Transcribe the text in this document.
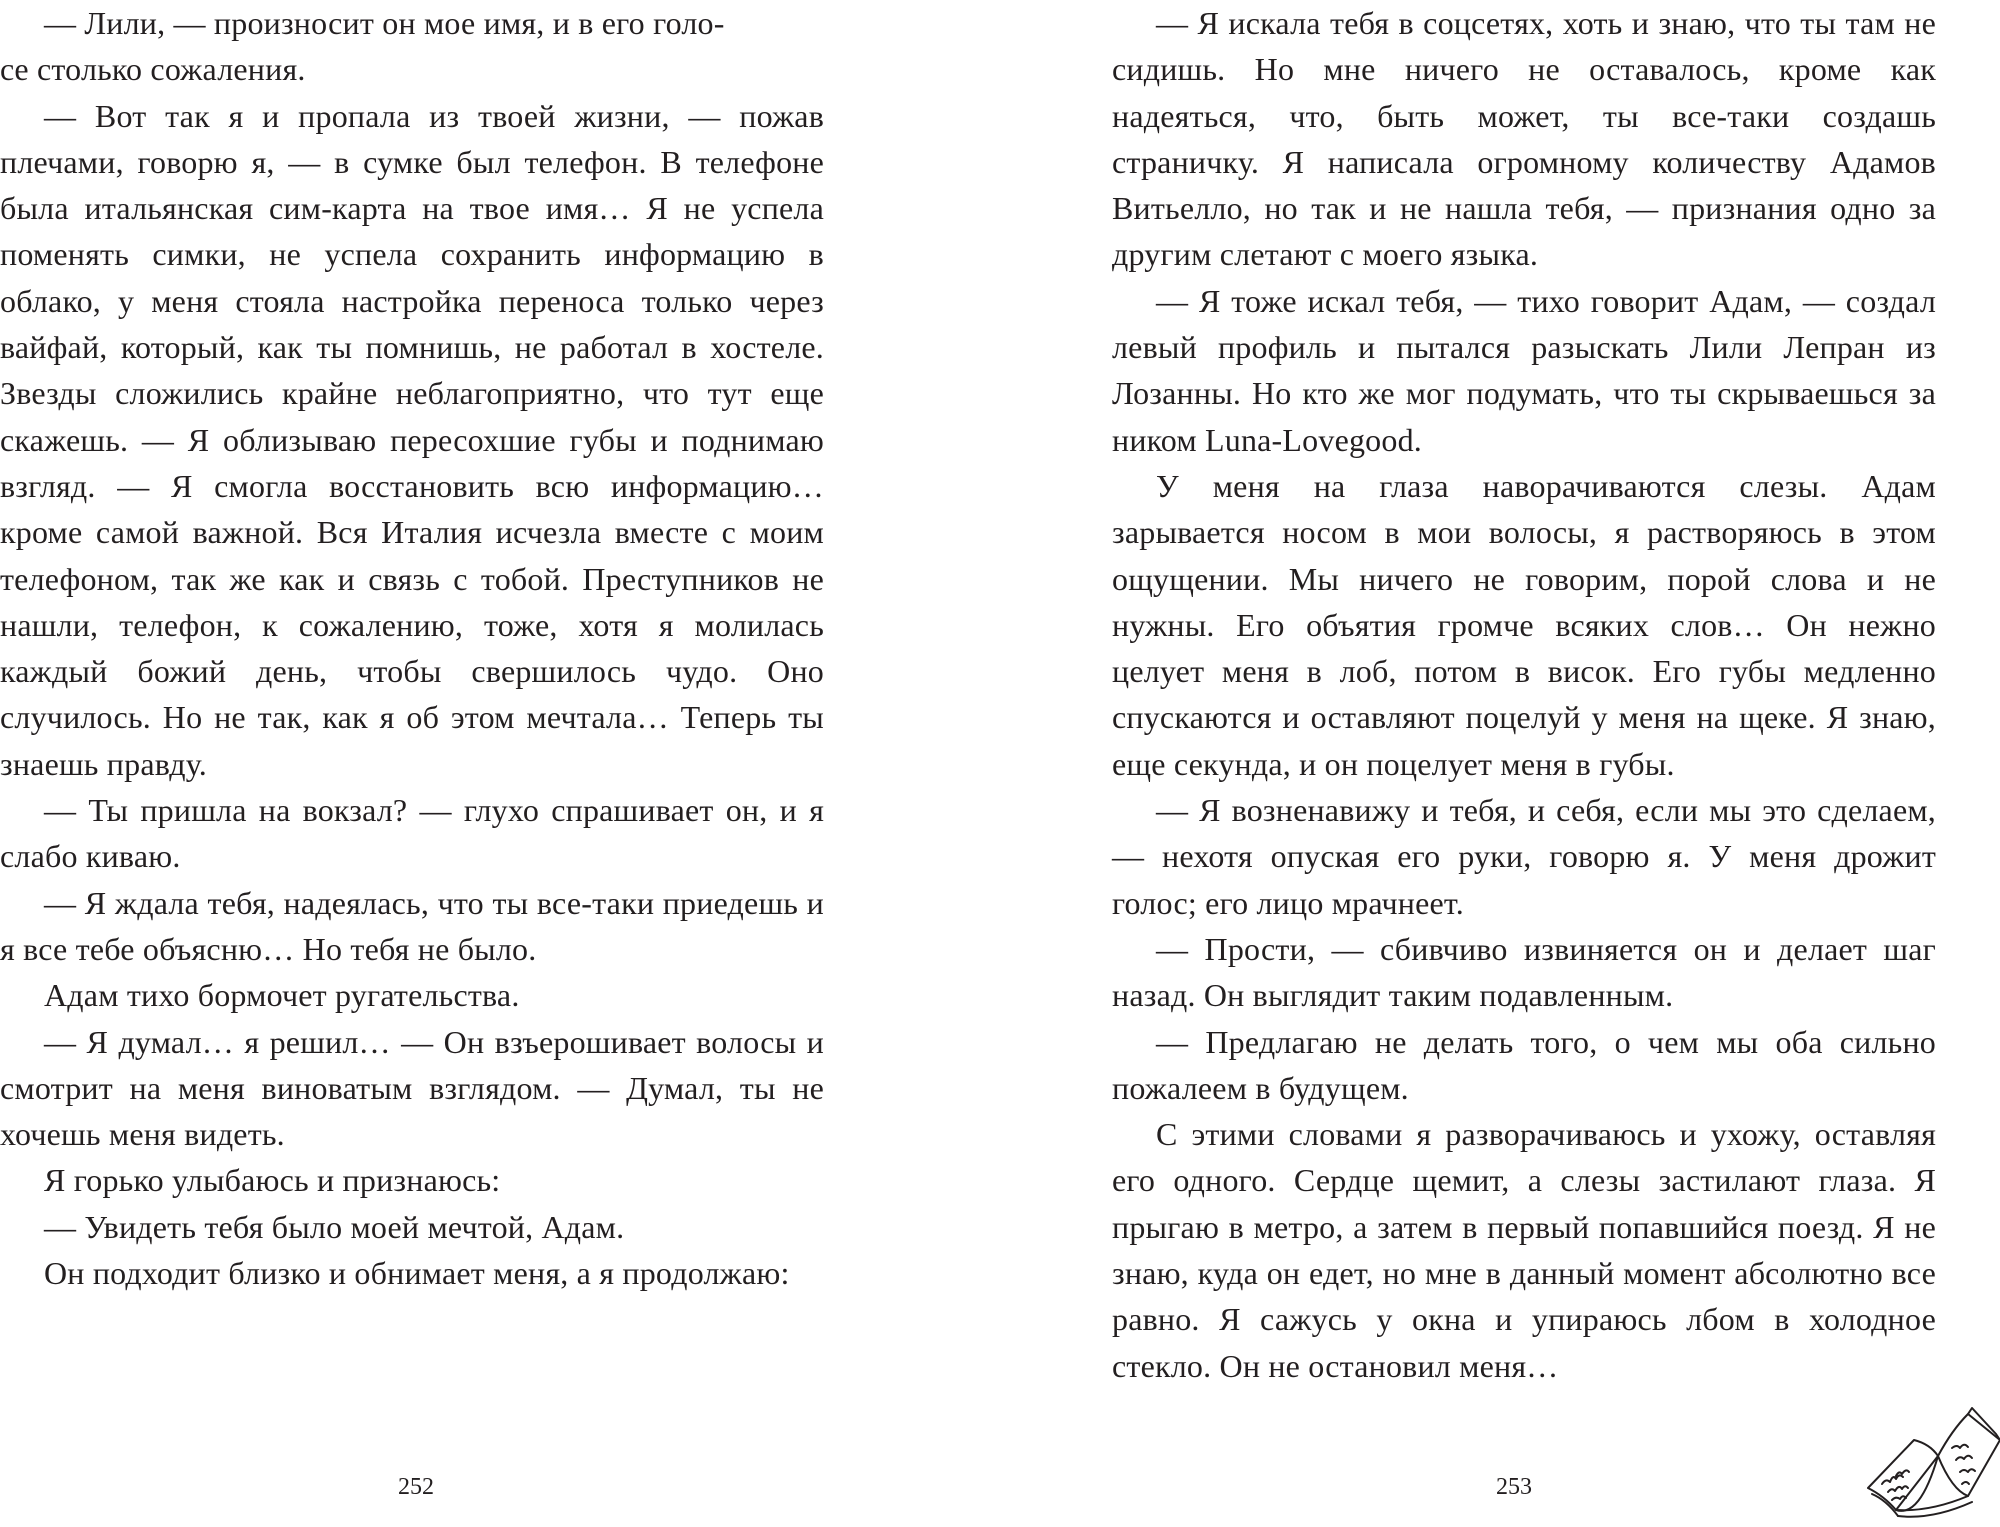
— Лили, — произносит он мое имя, и в его голо-

ce столько сожаления.

— Вот так я и пропала из твоей жизни, — пожав плечами, говорю я, — в сумке был телефон. В телефоне была итальянская сим-карта на твое имя… Я не успела поменять симки, не успела сохранить информацию в облако, у меня стояла настройка переноса только через вайфай, который, как ты помнишь, не работал в хостеле. Звезды сложились крайне неблагоприятно, что тут еще скажешь. — Я облизываю пересохшие губы и поднимаю взгляд. — Я смогла восстановить всю информацию… кроме самой важной. Вся Италия исчезла вместе с моим телефоном, так же как и связь с тобой. Преступников не нашли, телефон, к сожалению, тоже, хотя я молилась каждый божий день, чтобы свершилось чудо. Оно случилось. Но не так, как я об этом мечтала… Теперь ты знаешь правду.

— Ты пришла на вокзал? — глухо спрашивает он, и я слабо киваю.

— Я ждала тебя, надеялась, что ты все-таки приедешь и я все тебе объясню… Но тебя не было.

Адам тихо бормочет ругательства.

— Я думал… я решил… — Он взъерошивает волосы и смотрит на меня виноватым взглядом. — Думал, ты не хочешь меня видеть.

Я горько улыбаюсь и признаюсь:

— Увидеть тебя было моей мечтой, Адам.

Он подходит близко и обнимает меня, а я продолжаю:

252

— Я искала тебя в соцсетях, хоть и знаю, что ты там не сидишь. Но мне ничего не оставалось, кроме как надеяться, что, быть может, ты все-таки создашь страничку. Я написала огромному количеству Адамов Витьелло, но так и не нашла тебя, — признания одно за другим слетают с моего языка.

— Я тоже искал тебя, — тихо говорит Адам, — создал левый профиль и пытался разыскать Лили Лепран из Лозанны. Но кто же мог подумать, что ты скрываешься за ником Luna-Lovegood.

У меня на глаза наворачиваются слезы. Адам зарывается носом в мои волосы, я растворяюсь в этом ощущении. Мы ничего не говорим, порой слова и не нужны. Его объятия громче всяких слов… Он нежно целует меня в лоб, потом в висок. Его губы медленно спускаются и оставляют поцелуй у меня на щеке. Я знаю, еще секунда, и он поцелует меня в губы.

— Я возненавижу и тебя, и себя, если мы это сделаем, — нехотя опуская его руки, говорю я. У меня дрожит голос; его лицо мрачнеет.

— Прости, — сбивчиво извиняется он и делает шаг назад. Он выглядит таким подавленным.

— Предлагаю не делать того, о чем мы оба сильно пожалеем в будущем.

С этими словами я разворачиваюсь и ухожу, оставляя его одного. Сердце щемит, а слезы застилают глаза. Я прыгаю в метро, а затем в первый попавшийся поезд. Я не знаю, куда он едет, но мне в данный момент абсолютно все равно. Я сажусь у окна и упираюсь лбом в холодное стекло. Он не остановил меня…

253
